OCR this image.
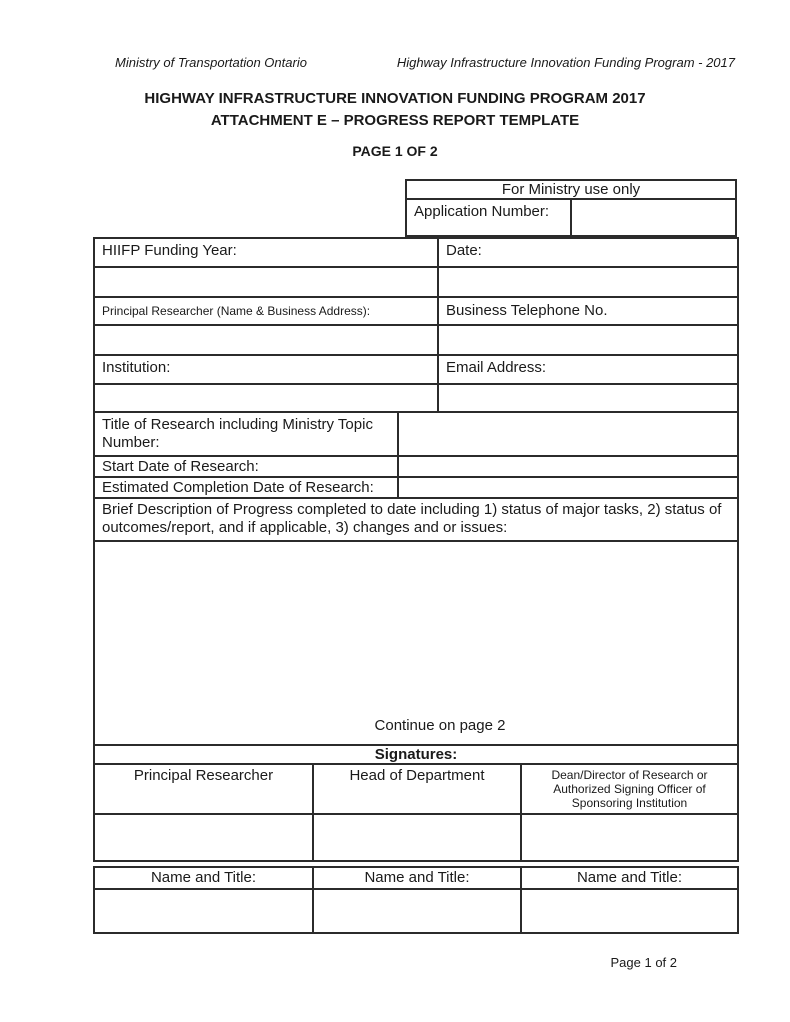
Ministry of Transportation Ontario	Highway Infrastructure Innovation Funding Program - 2017
HIGHWAY INFRASTRUCTURE INNOVATION FUNDING PROGRAM 2017
ATTACHMENT E – PROGRESS REPORT TEMPLATE
PAGE 1 OF 2
For Ministry use only
Application Number:	
HIIFP Funding Year:	Date:

Principal Researcher (Name & Business Address):	Business Telephone No.

Institution:	Email Address:

Title of Research including Ministry Topic Number:	
Start Date of Research:	
Estimated Completion Date of Research:	
Brief Description of Progress completed to date including 1) status of major tasks, 2) status of outcomes/report, and if applicable, 3) changes and or issues:
Continue on page 2
Signatures:		
Principal Researcher	Head of Department	Dean/Director of Research or Authorized Signing Officer of Sponsoring Institution

Name and Title:	Name and Title:	Name and Title:

Page 1 of 2
